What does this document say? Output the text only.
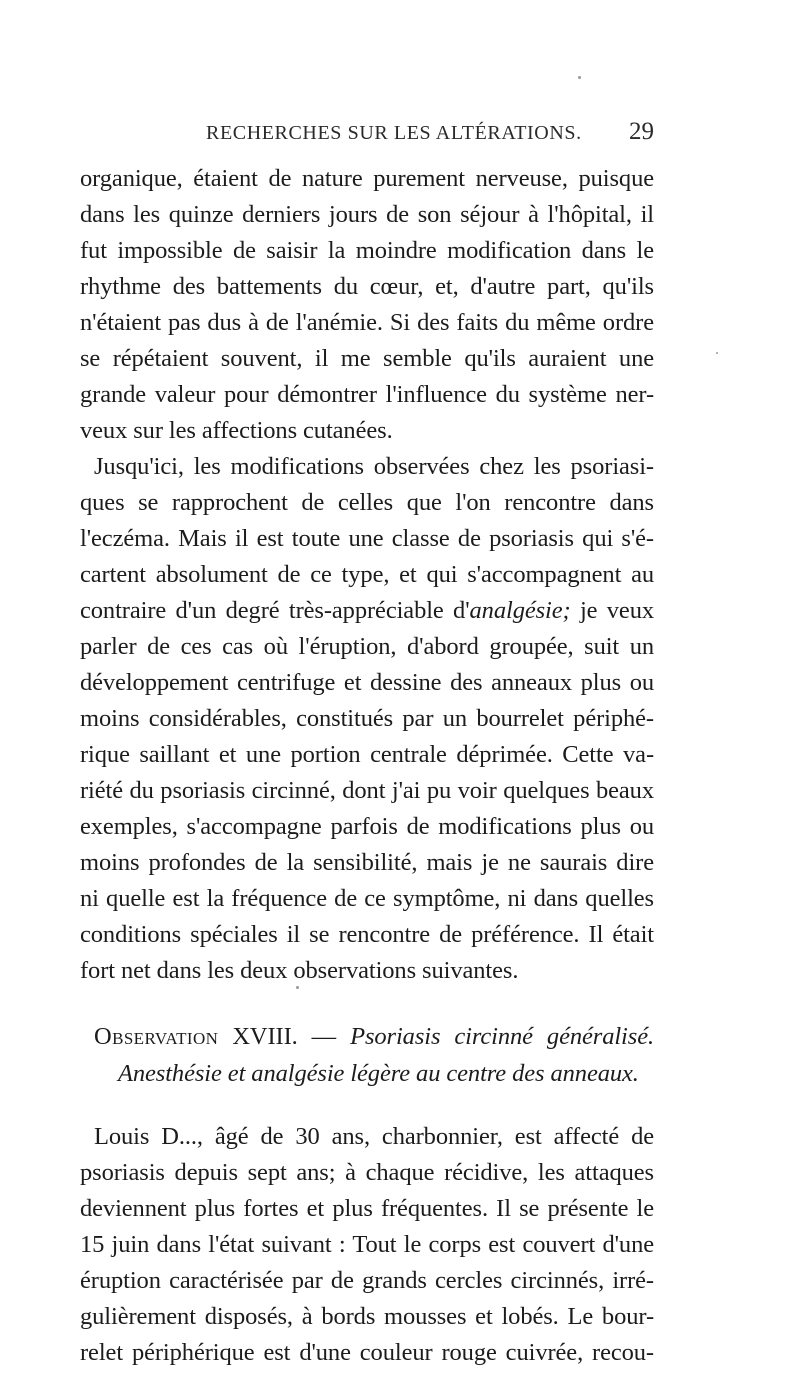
RECHERCHES SUR LES ALTÉRATIONS. 29
organique, étaient de nature purement nerveuse, puisque
dans les quinze derniers jours de son séjour à l'hôpital, il
fut impossible de saisir la moindre modification dans le
rhythme des battements du cœur, et, d'autre part, qu'ils
n'étaient pas dus à de l'anémie. Si des faits du même ordre
se répétaient souvent, il me semble qu'ils auraient une
grande valeur pour démontrer l'influence du système ner-
veux sur les affections cutanées.
Jusqu'ici, les modifications observées chez les psoriasi-
ques se rapprochent de celles que l'on rencontre dans
l'eczéma. Mais il est toute une classe de psoriasis qui s'é-
cartent absolument de ce type, et qui s'accompagnent au
contraire d'un degré très-appréciable d'analgésie; je veux
parler de ces cas où l'éruption, d'abord groupée, suit un
développement centrifuge et dessine des anneaux plus ou
moins considérables, constitués par un bourrelet périphé-
rique saillant et une portion centrale déprimée. Cette va-
riété du psoriasis circinné, dont j'ai pu voir quelques beaux
exemples, s'accompagne parfois de modifications plus ou
moins profondes de la sensibilité, mais je ne saurais dire
ni quelle est la fréquence de ce symptôme, ni dans quelles
conditions spéciales il se rencontre de préférence. Il était
fort net dans les deux observations suivantes.
Observation XVIII. — Psoriasis circinné généralisé.
Anesthésie et analgésie légère au centre des anneaux.
Louis D..., âgé de 30 ans, charbonnier, est affecté de
psoriasis depuis sept ans; à chaque récidive, les attaques
deviennent plus fortes et plus fréquentes. Il se présente le
15 juin dans l'état suivant : Tout le corps est couvert d'une
éruption caractérisée par de grands cercles circinnés, irré-
gulièrement disposés, à bords mousses et lobés. Le bour-
relet périphérique est d'une couleur rouge cuivrée, recou-
